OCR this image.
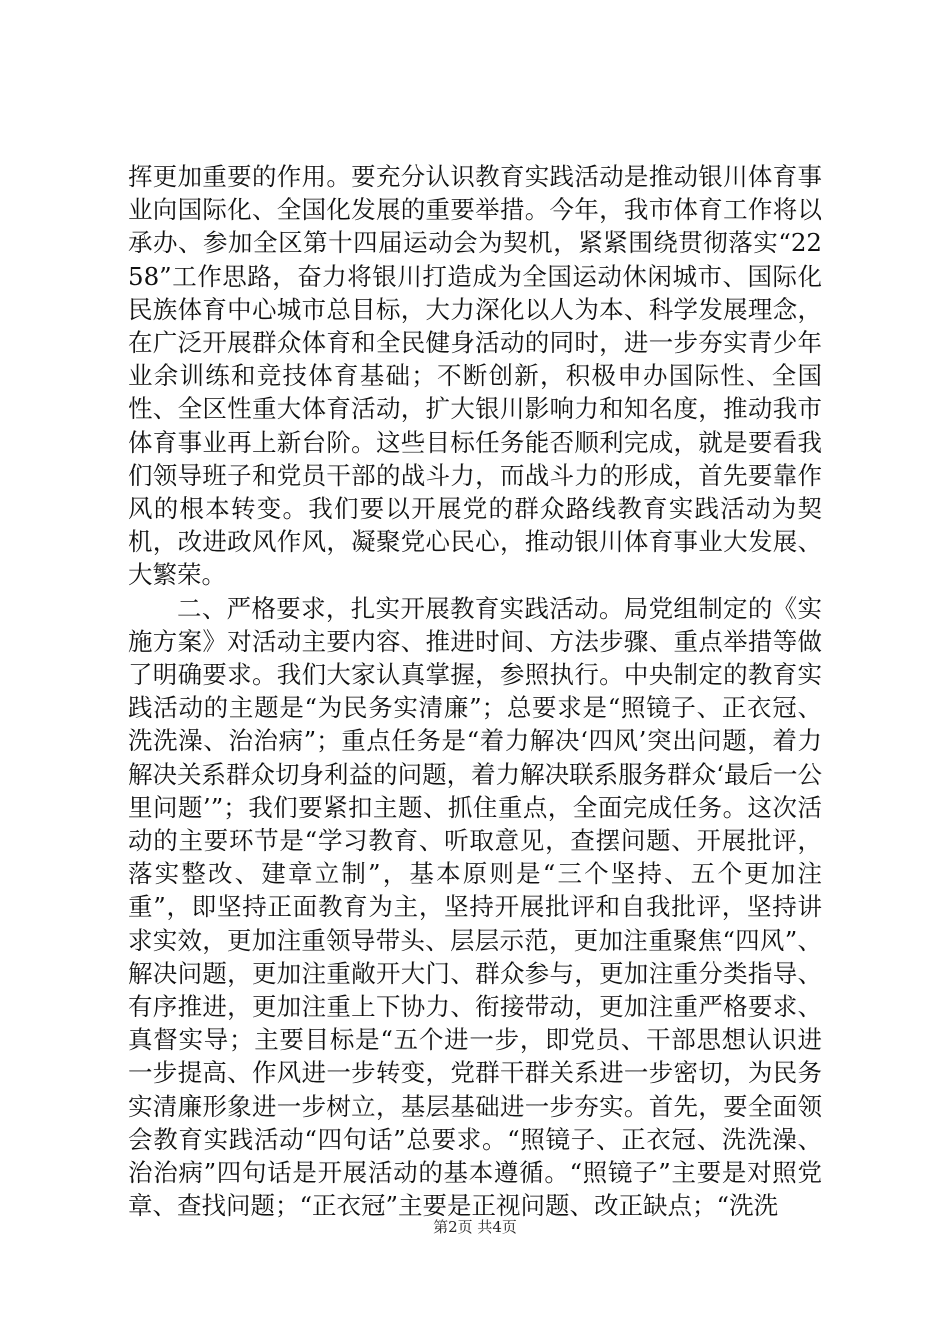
挥更加重要的作用。要充分认识教育实践活动是推动银川体育事业向国际化、全国化发展的重要举措。今年，我市体育工作将以承办、参加全区第十四届运动会为契机，紧紧围绕贯彻落实“2258”工作思路，奋力将银川打造成为全国运动休闲城市、国际化民族体育中心城市总目标，大力深化以人为本、科学发展理念，在广泛开展群众体育和全民健身活动的同时，进一步夯实青少年业余训练和竞技体育基础；不断创新，积极申办国际性、全国性、全区性重大体育活动，扩大银川影响力和知名度，推动我市体育事业再上新台阶。这些目标任务能否顺利完成，就是要看我们领导班子和党员干部的战斗力，而战斗力的形成，首先要靠作风的根本转变。我们要以开展党的群众路线教育实践活动为契机，改进政风作风，凝聚党心民心，推动银川体育事业大发展、大繁荣。

二、严格要求，扎实开展教育实践活动。局党组制定的《实施方案》对活动主要内容、推进时间、方法步骤、重点举措等做了明确要求。我们大家认真掌握，参照执行。中央制定的教育实践活动的主题是“为民务实清廉”；总要求是“照镜子、正衣冠、洗洗澡、治治病”；重点任务是“着力解决‘四风’突出问题，着力解决关系群众切身利益的问题，着力解决联系服务群众‘最后一公里问题’”；我们要紧扣主题、抓住重点，全面完成任务。这次活动的主要环节是“学习教育、听取意见，查摆问题、开展批评，落实整改、建章立制”，基本原则是“三个坚持、五个更加注重”，即坚持正面教育为主，坚持开展批评和自我批评，坚持讲求实效，更加注重领导带头、层层示范，更加注重聚焦“四风”、解决问题，更加注重敞开大门、群众参与，更加注重分类指导、有序推进，更加注重上下协力、衔接带动，更加注重严格要求、真督实导；主要目标是“五个进一步，即党员、干部思想认识进一步提高、作风进一步转变，党群干群关系进一步密切，为民务实清廉形象进一步树立，基层基础进一步夯实。首先，要全面领会教育实践活动“四句话”总要求。“照镜子、正衣冠、洗洗澡、治治病”四句话是开展活动的基本遵循。“照镜子”主要是对照党章、查找问题；“正衣冠”主要是正视问题、改正缺点；“洗洗

第2页 共4页
